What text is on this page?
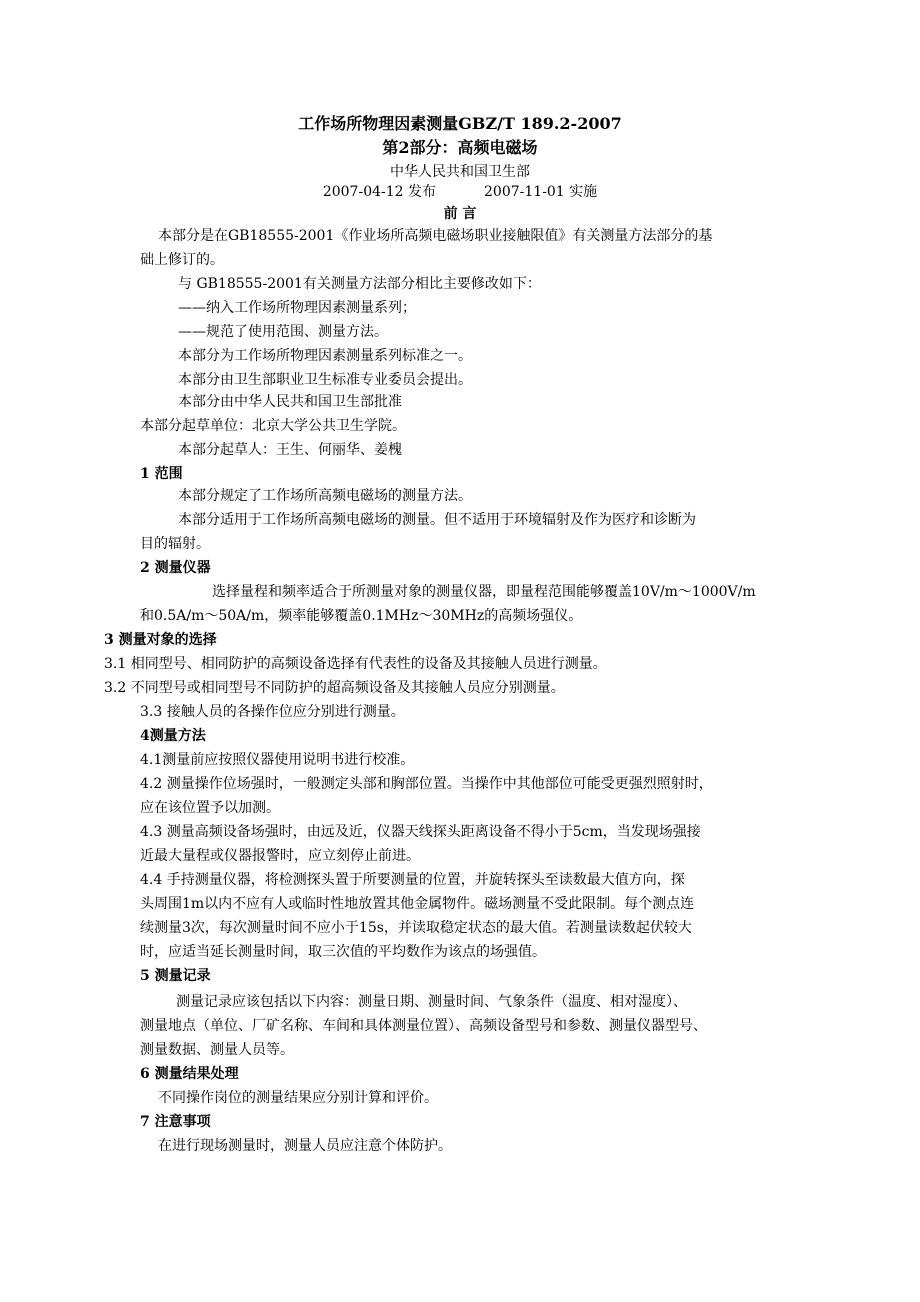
工作场所物理因素测量GBZ/T 189.2-2007
第2部分：高频电磁场
中华人民共和国卫生部
2007-04-12 发布	2007-11-01 实施
前 言
本部分是在GB18555-2001《作业场所高频电磁场职业接触限值》有关测量方法部分的基
础上修订的。
与 GB18555-2001有关测量方法部分相比主要修改如下：
——纳入工作场所物理因素测量系列；
——规范了使用范围、测量方法。
本部分为工作场所物理因素测量系列标准之一。
本部分由卫生部职业卫生标准专业委员会提出。
本部分由中华人民共和国卫生部批准
本部分起草单位：北京大学公共卫生学院。
本部分起草人：王生、何丽华、姜槐
1 范围
本部分规定了工作场所高频电磁场的测量方法。
本部分适用于工作场所高频电磁场的测量。但不适用于环境辐射及作为医疗和诊断为
目的辐射。
2 测量仪器
选择量程和频率适合于所测量对象的测量仪器，即量程范围能够覆盖10V/m～1000V/m
和0.5A/m～50A/m，频率能够覆盖0.1MHz～30MHz的高频场强仪。
3 测量对象的选择
3.1 相同型号、相同防护的高频设备选择有代表性的设备及其接触人员进行测量。
3.2 不同型号或相同型号不同防护的超高频设备及其接触人员应分别测量。
3.3 接触人员的各操作位应分别进行测量。
4测量方法
4.1测量前应按照仪器使用说明书进行校准。
4.2 测量操作位场强时，一般测定头部和胸部位置。当操作中其他部位可能受更强烈照射时，
应在该位置予以加测。
4.3 测量高频设备场强时，由远及近，仪器天线探头距离设备不得小于5cm，当发现场强接
近最大量程或仪器报警时，应立刻停止前进。
4.4 手持测量仪器，将检测探头置于所要测量的位置，并旋转探头至读数最大值方向，探
头周围1m以内不应有人或临时性地放置其他金属物件。磁场测量不受此限制。每个测点连
续测量3次，每次测量时间不应小于15s，并读取稳定状态的最大值。若测量读数起伏较大
时，应适当延长测量时间，取三次值的平均数作为该点的场强值。
5 测量记录
测量记录应该包括以下内容：测量日期、测量时间、气象条件（温度、相对湿度）、
测量地点（单位、厂矿名称、车间和具体测量位置）、高频设备型号和参数、测量仪器型号、
测量数据、测量人员等。
6 测量结果处理
不同操作岗位的测量结果应分别计算和评价。
7 注意事项
在进行现场测量时，测量人员应注意个体防护。
